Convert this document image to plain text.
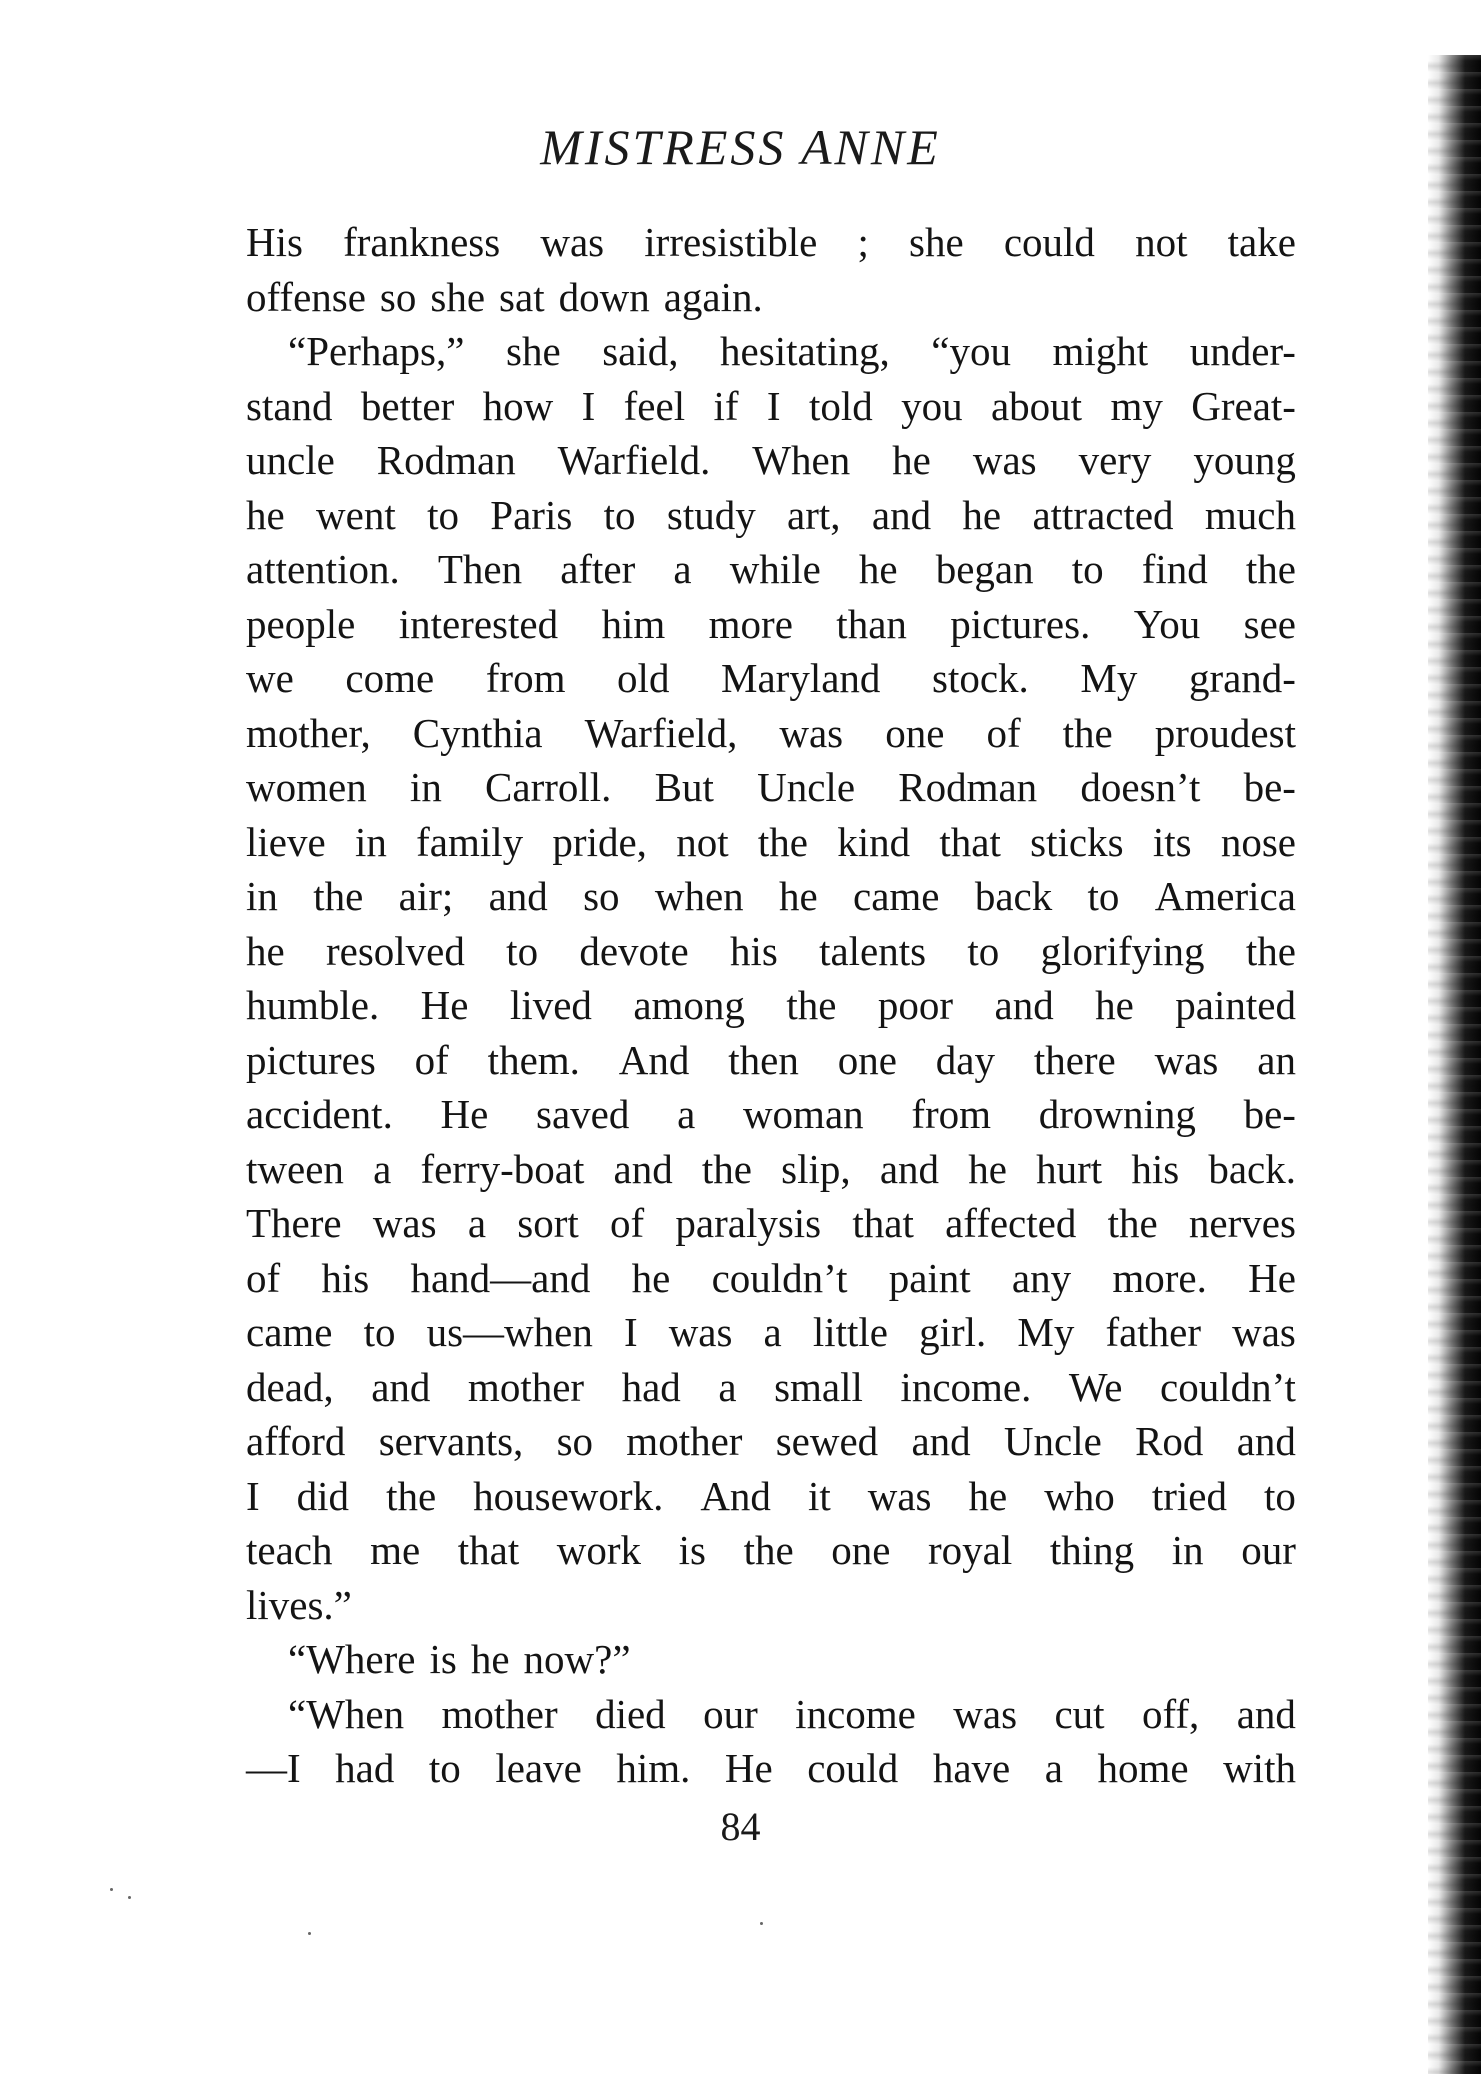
MISTRESS ANNE
His frankness was irresistible ; she could not take
offense so she sat down again.
“Perhaps,” she said, hesitating, “you might under-
stand better how I feel if I told you about my Great-
uncle Rodman Warfield. When he was very young
he went to Paris to study art, and he attracted much
attention. Then after a while he began to find the
people interested him more than pictures. You see
we come from old Maryland stock. My grand-
mother, Cynthia Warfield, was one of the proudest
women in Carroll. But Uncle Rodman doesn’t be-
lieve in family pride, not the kind that sticks its nose
in the air; and so when he came back to America
he resolved to devote his talents to glorifying the
humble. He lived among the poor and he painted
pictures of them. And then one day there was an
accident. He saved a woman from drowning be-
tween a ferry-boat and the slip, and he hurt his back.
There was a sort of paralysis that affected the nerves
of his hand—and he couldn’t paint any more. He
came to us—when I was a little girl. My father was
dead, and mother had a small income. We couldn’t
afford servants, so mother sewed and Uncle Rod and
I did the housework. And it was he who tried to
teach me that work is the one royal thing in our
lives.”
“Where is he now?”
“When mother died our income was cut off, and
—I had to leave him. He could have a home with
84
